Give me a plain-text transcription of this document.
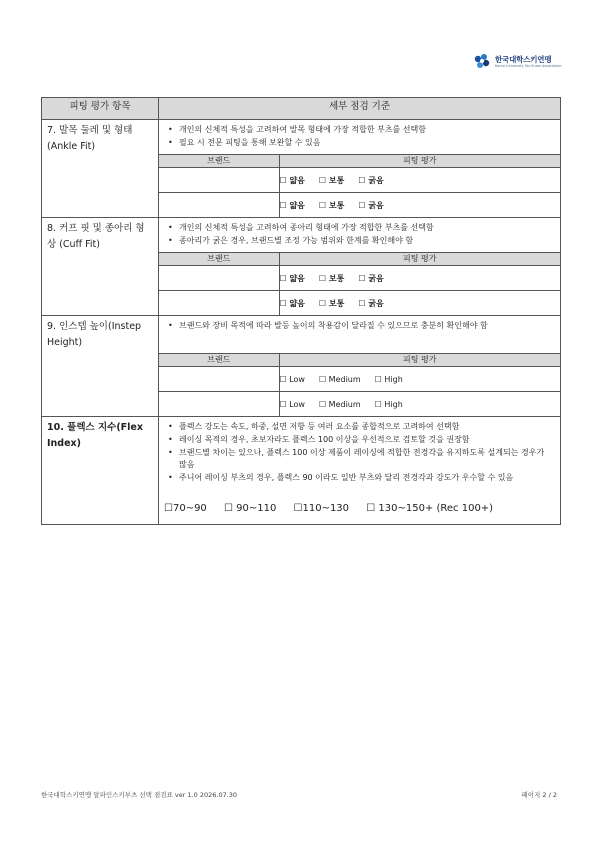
한국대학스키연맹
Korea University Ski-Snow Association
피팅 평가 항목	세부 점검 기준
7. 발목 둘레 및 형태 (Ankle Fit)	
• 개인의 신체적 특성을 고려하여 발목 형태에 가장 적합한 부츠를 선택함
• 필요 시 전문 피팅을 통해 보완할 수 있음
브랜드	피팅 평가
	☐ 얇음 ☐ 보통 ☐ 굵음
	☐ 얇음 ☐ 보통 ☐ 굵음

8. 커프 핏 및 종아리 형상 (Cuff Fit)	
• 개인의 신체적 특성을 고려하여 종아리 형태에 가장 적합한 부츠를 선택함
• 종아리가 굵은 경우, 브랜드별 조정 가능 범위와 한계를 확인해야 함
브랜드	피팅 평가
	☐ 얇음 ☐ 보통 ☐ 굵음
	☐ 얇음 ☐ 보통 ☐ 굵음

9. 인스텝 높이(Instep Height)	
• 브랜드와 장비 목적에 따라 발등 높이의 착용감이 달라질 수 있으므로 충분히 확인해야 함
브랜드	피팅 평가
	☐ Low ☐ Medium ☐ High
	☐ Low ☐ Medium ☐ High

10. 플렉스 지수(Flex Index)	
• 플렉스 강도는 속도, 하중, 설면 저항 등 여러 요소를 종합적으로 고려하여 선택함
• 레이싱 목적의 경우, 초보자라도 플렉스 100 이상을 우선적으로 검토할 것을 권장함
• 브랜드별 차이는 있으나, 플렉스 100 이상 제품이 레이싱에 적합한 전경각을 유지하도록 설계되는 경우가 많음
• 주니어 레이싱 부츠의 경우, 플렉스 90 이라도 일반 부츠와 달리 전경각과 강도가 우수할 수 있음
☐70~90 ☐ 90~110 ☐110~130 ☐ 130~150+ (Rec 100+)
한국대학스키연맹 알파인스키부츠 선택 점검표 ver 1.0 2026.07.30	페이지 2 / 2
